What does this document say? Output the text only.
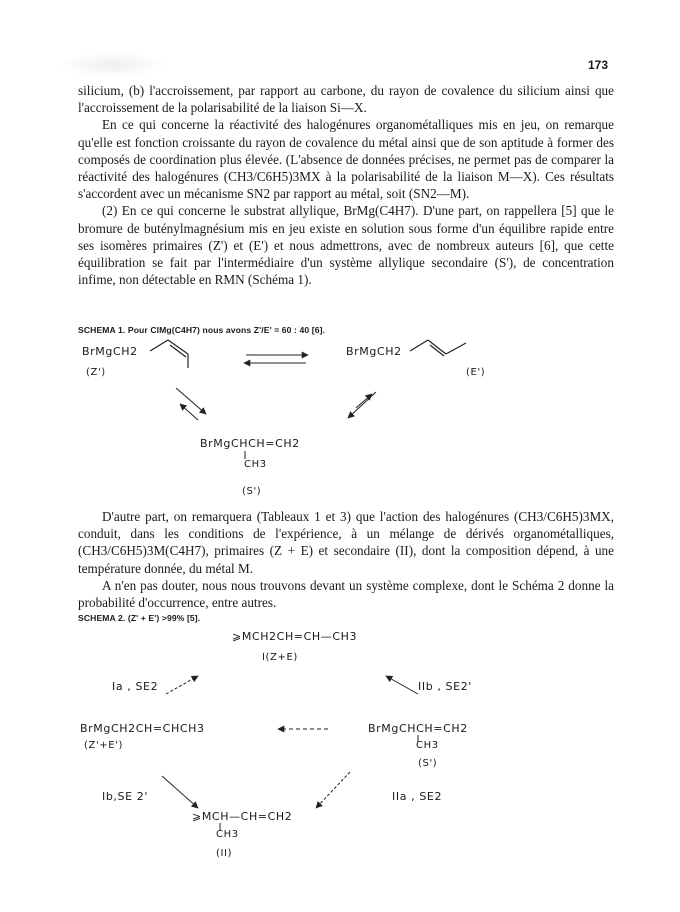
173

silicium, (b) l'accroissement, par rapport au carbone, du rayon de covalence du silicium ainsi que l'accroissement de la polarisabilité de la liaison Si—X.

En ce qui concerne la réactivité des halogénures organométalliques mis en jeu, on remarque qu'elle est fonction croissante du rayon de covalence du métal ainsi que de son aptitude à former des composés de coordination plus élevée. (L'absence de données précises, ne permet pas de comparer la réactivité des halogénures (CH3/C6H5)3MX à la polarisabilité de la liaison M—X). Ces résultats s'accordent avec un mécanisme SN2 par rapport au métal, soit (SN2—M).

(2) En ce qui concerne le substrat allylique, BrMg(C4H7). D'une part, on rappellera [5] que le bromure de buténylmagnésium mis en jeu existe en solution sous forme d'un équilibre rapide entre ses isomères primaires (Z') et (E') et nous admettrons, avec de nombreux auteurs [6], que cette équilibration se fait par l'intermédiaire d'un système allylique secondaire (S'), de concentration infime, non détectable en RMN (Schéma 1).

SCHEMA 1. Pour ClMg(C4H7) nous avons Z'/E' = 60 : 40 [6].
BrMgCH2
(Z')
BrMgCH2
(E')
BrMgCHCH=CH2
CH3
(S')

D'autre part, on remarquera (Tableaux 1 et 3) que l'action des halogénures (CH3/C6H5)3MX, conduit, dans les conditions de l'expérience, à un mélange de dérivés organométalliques, (CH3/C6H5)3M(C4H7), primaires (Z + E) et secondaire (II), dont la composition dépend, à une température donnée, du métal M.

A n'en pas douter, nous nous trouvons devant un système complexe, dont le Schéma 2 donne la probabilité d'occurrence, entre autres.

SCHEMA 2. (Z' + E') >99% [5].
⩾MCH2CH=CH—CH3
I(Z+E)
Ia , SE2	IIb , SE2'
BrMgCH2CH=CHCH3
(Z'+E')
BrMgCHCH=CH2
CH3
(S')
Ib,SE 2'	IIa , SE2
⩾MCH—CH=CH2
CH3
(II)
